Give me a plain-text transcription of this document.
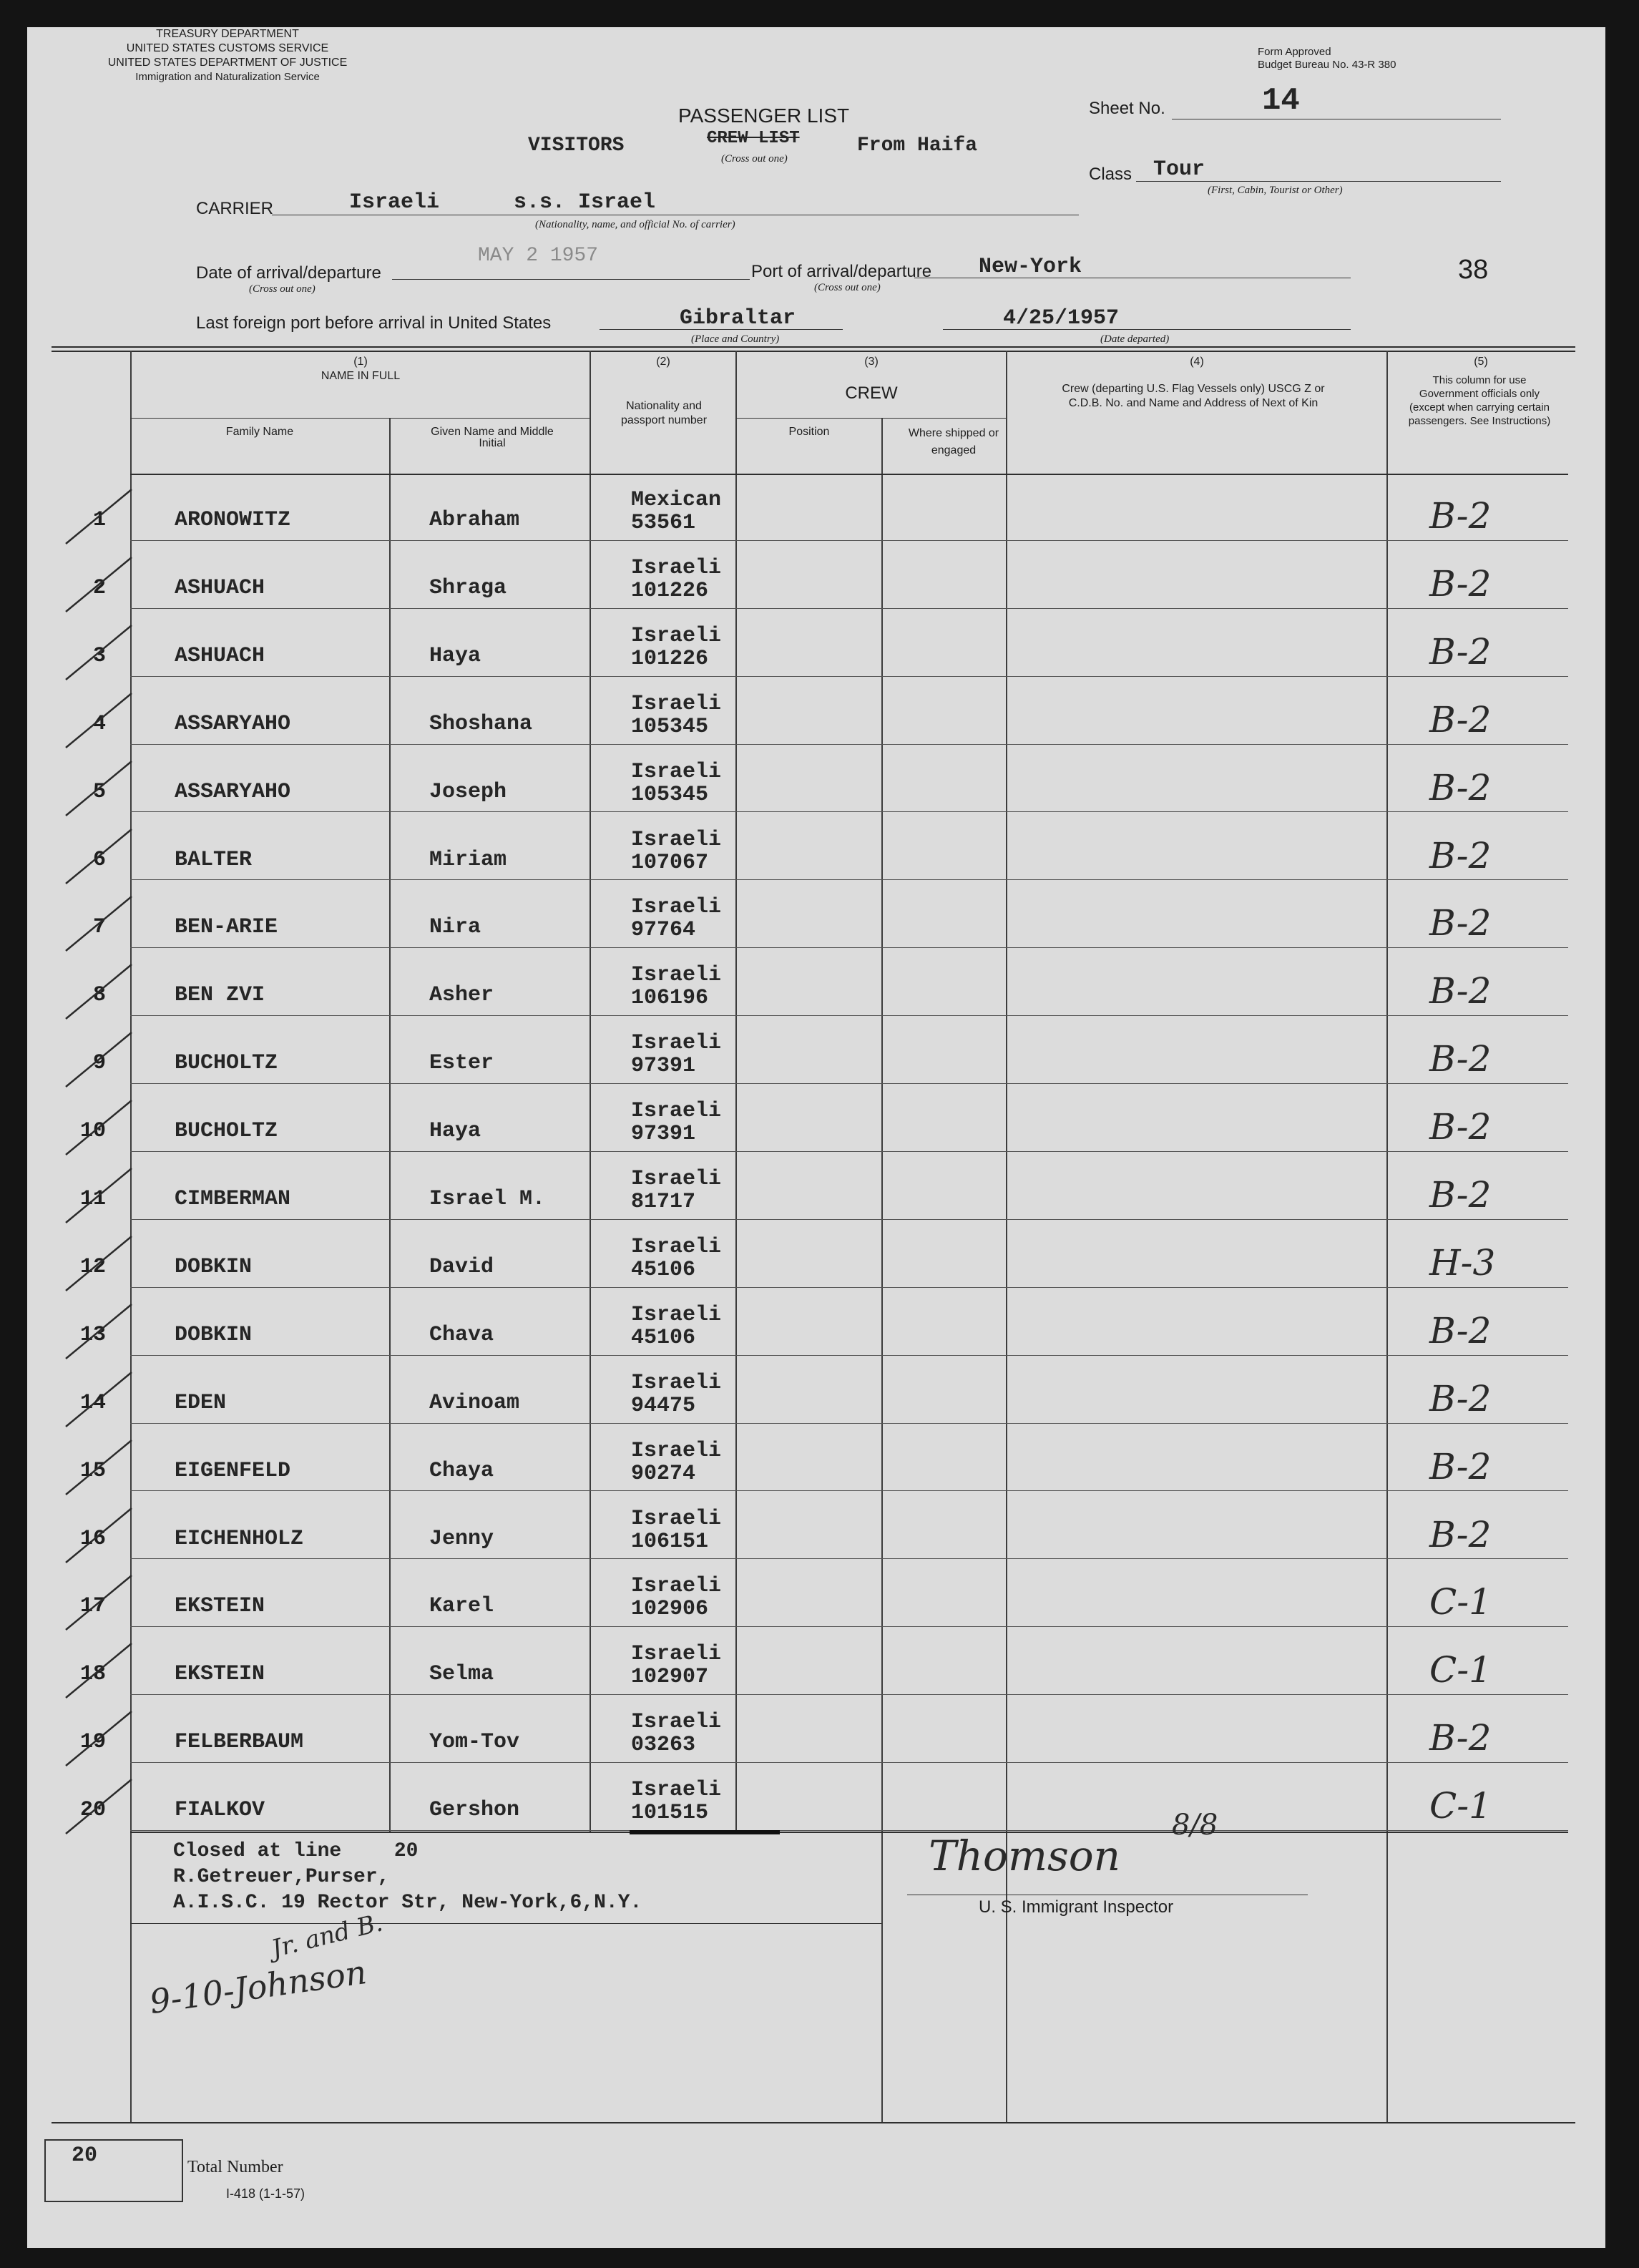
TREASURY DEPARTMENT
UNITED STATES CUSTOMS SERVICE
UNITED STATES DEPARTMENT OF JUSTICE
Immigration and Naturalization Service
Form Approved
Budget Bureau No. 43-R 380
PASSENGER LIST
VISITORS	CREW LIST
(Cross out one)
From Haifa
Sheet No.	14
Class Tour
(First, Cabin, Tourist or Other)
CARRIER	Israeli	s.s. Israel
(Nationality, name, and official No. of carrier)
Date of arrival/departure
MAY 2 1957
(Cross out one)
Port of arrival/departure New-York
(Cross out one)
38
Last foreign port before arrival in United States	Gibraltar
(Place and Country)
4/25/1957
(Date departed)
(1)
NAME IN FULL
Family Name	Given Name and Middle Initial
(2)
Nationality and passport number
(3)
CREW
Position	Where shipped or engaged
(4)
Crew (departing U.S. Flag Vessels only) USCG Z or C.D.B. No. and Name and Address of Next of Kin
(5)
This column for use Government officials only (except when carrying certain passengers. See Instructions)
1	ARONOWITZ	Abraham
Mexican
53561	B-2
2	ASHUACH	Shraga
Israeli
101226	B-2
3	ASHUACH	Haya
Israeli
101226	B-2
4	ASSARYAHO	Shoshana
Israeli
105345	B-2
5	ASSARYAHO	Joseph
Israeli
105345	B-2
6	BALTER	Miriam
Israeli
107067	B-2
7	BEN-ARIE	Nira
Israeli
97764	B-2
8	BEN ZVI	Asher
Israeli
106196	B-2
9	BUCHOLTZ	Ester
Israeli
97391	B-2
10	BUCHOLTZ	Haya
Israeli
97391	B-2
11	CIMBERMAN	Israel M.
Israeli
81717	B-2
12	DOBKIN	David
Israeli
45106	H-3
13	DOBKIN	Chava
Israeli
45106	B-2
14	EDEN	Avinoam
Israeli
94475	B-2
15	EIGENFELD	Chaya
Israeli
90274	B-2
16	EICHENHOLZ	Jenny
Israeli
106151	B-2
17	EKSTEIN	Karel
Israeli
102906	C-1
18	EKSTEIN	Selma
Israeli
102907	C-1
19	FELBERBAUM	Yom-Tov
Israeli
03263	B-2
20	FIALKOV	Gershon
Israeli
101515	C-1
Closed at line	20
R.Getreuer,Purser,
A.I.S.C. 19 Rector Str, New-York,6,N.Y.
Thomson
8/8
U. S. Immigrant Inspector
Jr. and B.
9-10-Johnson
20	Total Number
I-418 (1-1-57)
